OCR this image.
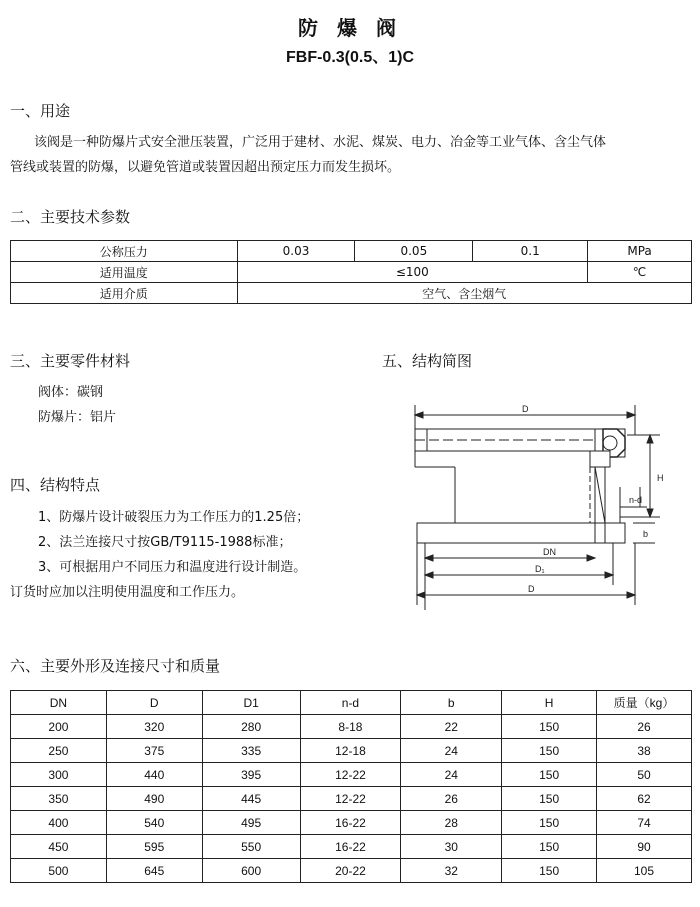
防 爆 阀
FBF-0.3(0.5、1)C
一、用途
该阀是一种防爆片式安全泄压装置，广泛用于建材、水泥、煤炭、电力、冶金等工业气体、含尘气体
管线或装置的防爆，以避免管道或装置因超出预定压力而发生损坏。
二、主要技术参数
公称压力	0.03	0.05	0.1	MPa
适用温度	≤100			℃
适用介质	空气、含尘烟气			
三、主要零件材料
阀体：碳钢
防爆片：铝片
四、结构特点
1、防爆片设计破裂压力为工作压力的1.25倍；
2、法兰连接尺寸按GB/T9115-1988标准；
3、可根据用户不同压力和温度进行设计制造。
订货时应加以注明使用温度和工作压力。
五、结构简图
D
H
n-d
b
DN
D₁
D
六、主要外形及连接尺寸和质量
DN	D	D1	n-d	b	H	质量（kg）
200	320	280	8-18	22	150	26
250	375	335	12-18	24	150	38
300	440	395	12-22	24	150	50
350	490	445	12-22	26	150	62
400	540	495	16-22	28	150	74
450	595	550	16-22	30	150	90
500	645	600	20-22	32	150	105
